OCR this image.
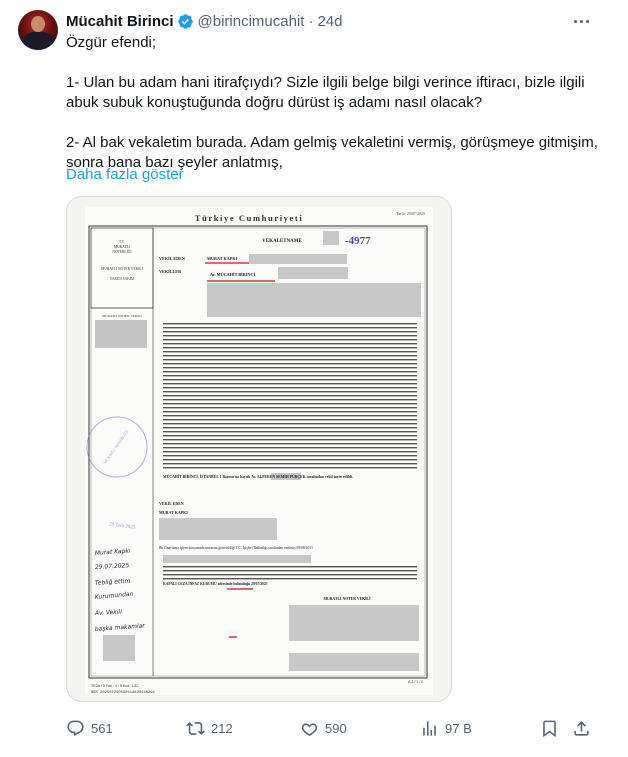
Mücahit Birinci @birincimucahit · 24d

Özgür efendi;

1- Ulan bu adam hani itirafçıydı? Sizle ilgili belge bilgi verince iftiracı, bizle ilgili

abuk subuk konuştuğunda doğru dürüst iş adamı nasıl olacak?

2- Al bak vekaletim burada. Adam gelmiş vekaletini vermiş, görüşmeye gitmişim,

sonra bana bazı şeyler anlatmış,

Daha fazla göster
Türkiye Cumhuriyeti	Tarih: 29/07/2025
T.C.
MURATLI
NOTERLİĞİ
MURATLI NOTER VEKİLİ
YAREN SAKIM
MURATLI NOTER VEKİLİ
VEKALETNAME	-4977
VEKİL EDEN	MURAT KAPKI
VEKİLLER
Av. MÜCAHİT BİRİNCİ
MÜCAHİT BİRİNCİ, İSTANBUL 1 Barosu'na kayıtlı Av. ALPEREN SEMİH PÜRÇEK tarafından vekil tayin edildi.
MURATLI NOTERLİĞİ
29 Tem 2025
Murat Kapkı
29.07.2025
Tebliğ ettim
Kurumundan
Av. Vekili
başka makamlar
VEKİL EDEN
MURAT KAPKI
Bu Onaylama işlem dosyasında imzasını gösterildiği T.C. İçişleri Bakanlığı tarafından verilmiş 09/08/2031
KAPALI CEZA İNFAZ KURUMU adresinde bulunduğu 29/07/2025
MURATLI NOTER VEKİLİ
TE2A / 0 Yan : 4 / 0 Kod: 1.32
NBS 202507290590514820446294
A-2 / 1 - 2
561	212	590	97 B
